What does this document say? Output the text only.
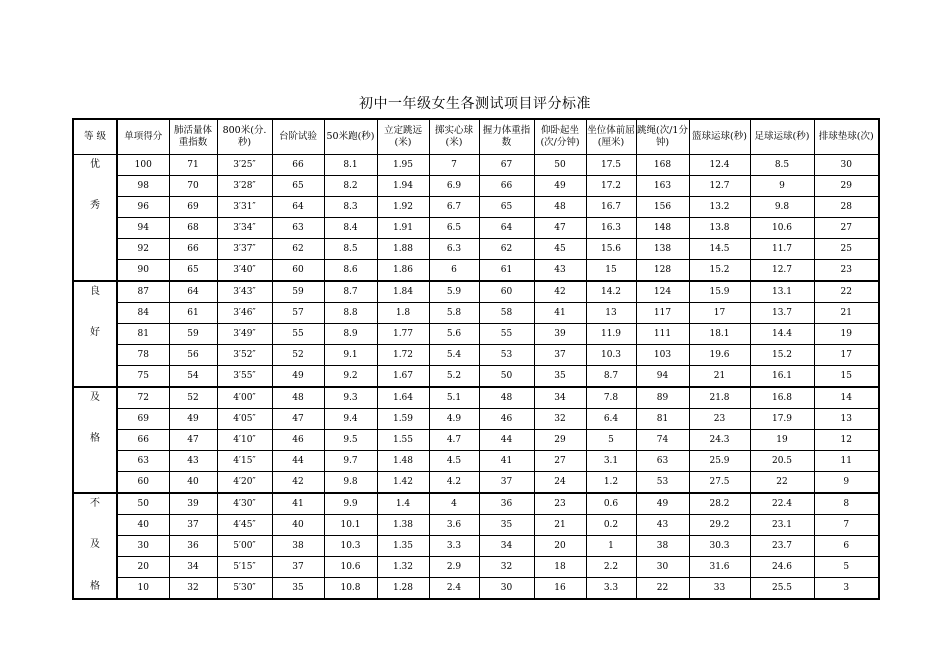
初中一年级女生各测试项目评分标准
等 级	单项得分	肺活量体重指数	800米(分.秒)	台阶试验	50米跑(秒)	立定跳远(米)	掷实心球(米)	握力体重指数	仰卧起坐(次/分钟)	坐位体前屈(厘米)	跳绳(次/1分钟)	篮球运球(秒)	足球运球(秒)	排球垫球(次)

优
秀	100	71	3′25″	66	8.1	1.95	7	67	50	17.5	168	12.4	8.5	30
	98	70	3′28″	65	8.2	1.94	6.9	66	49	17.2	163	12.7	9	29
	96	69	3′31″	64	8.3	1.92	6.7	65	48	16.7	156	13.2	9.8	28
	94	68	3′34″	63	8.4	1.91	6.5	64	47	16.3	148	13.8	10.6	27
	92	66	3′37″	62	8.5	1.88	6.3	62	45	15.6	138	14.5	11.7	25
	90	65	3′40″	60	8.6	1.86	6	61	43	15	128	15.2	12.7	23

良
好	87	64	3′43″	59	8.7	1.84	5.9	60	42	14.2	124	15.9	13.1	22
	84	61	3′46″	57	8.8	1.8	5.8	58	41	13	117	17	13.7	21
	81	59	3′49″	55	8.9	1.77	5.6	55	39	11.9	111	18.1	14.4	19
	78	56	3′52″	52	9.1	1.72	5.4	53	37	10.3	103	19.6	15.2	17
	75	54	3′55″	49	9.2	1.67	5.2	50	35	8.7	94	21	16.1	15

及
格	72	52	4′00″	48	9.3	1.64	5.1	48	34	7.8	89	21.8	16.8	14
	69	49	4′05″	47	9.4	1.59	4.9	46	32	6.4	81	23	17.9	13
	66	47	4′10″	46	9.5	1.55	4.7	44	29	5	74	24.3	19	12
	63	43	4′15″	44	9.7	1.48	4.5	41	27	3.1	63	25.9	20.5	11
	60	40	4′20″	42	9.8	1.42	4.2	37	24	1.2	53	27.5	22	9

不
及
格	50	39	4′30″	41	9.9	1.4	4	36	23	0.6	49	28.2	22.4	8
	40	37	4′45″	40	10.1	1.38	3.6	35	21	0.2	43	29.2	23.1	7
	30	36	5′00″	38	10.3	1.35	3.3	34	20	1	38	30.3	23.7	6
	20	34	5′15″	37	10.6	1.32	2.9	32	18	2.2	30	31.6	24.6	5
	10	32	5′30″	35	10.8	1.28	2.4	30	16	3.3	22	33	25.5	3
